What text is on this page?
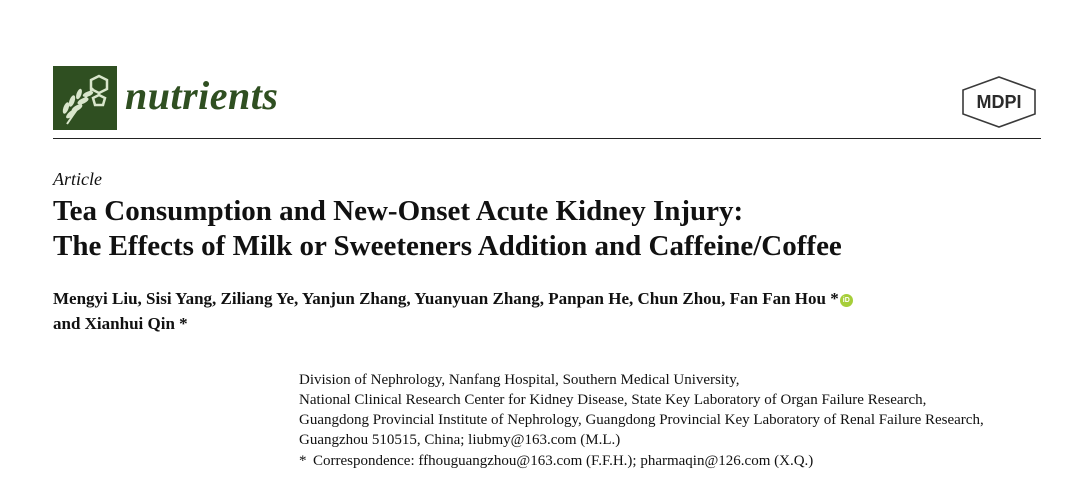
nutrients	MDPI
Article
Tea Consumption and New-Onset Acute Kidney Injury:
The Effects of Milk or Sweeteners Addition and Caffeine/Coffee
Mengyi Liu, Sisi Yang, Ziliang Ye, Yanjun Zhang, Yuanyuan Zhang, Panpan He, Chun Zhou, Fan Fan Hou * iD
and Xianhui Qin *
Division of Nephrology, Nanfang Hospital, Southern Medical University,
National Clinical Research Center for Kidney Disease, State Key Laboratory of Organ Failure Research,
Guangdong Provincial Institute of Nephrology, Guangdong Provincial Key Laboratory of Renal Failure Research,
Guangzhou 510515, China; liubmy@163.com (M.L.)
* Correspondence: ffhouguangzhou@163.com (F.F.H.); pharmaqin@126.com (X.Q.)
